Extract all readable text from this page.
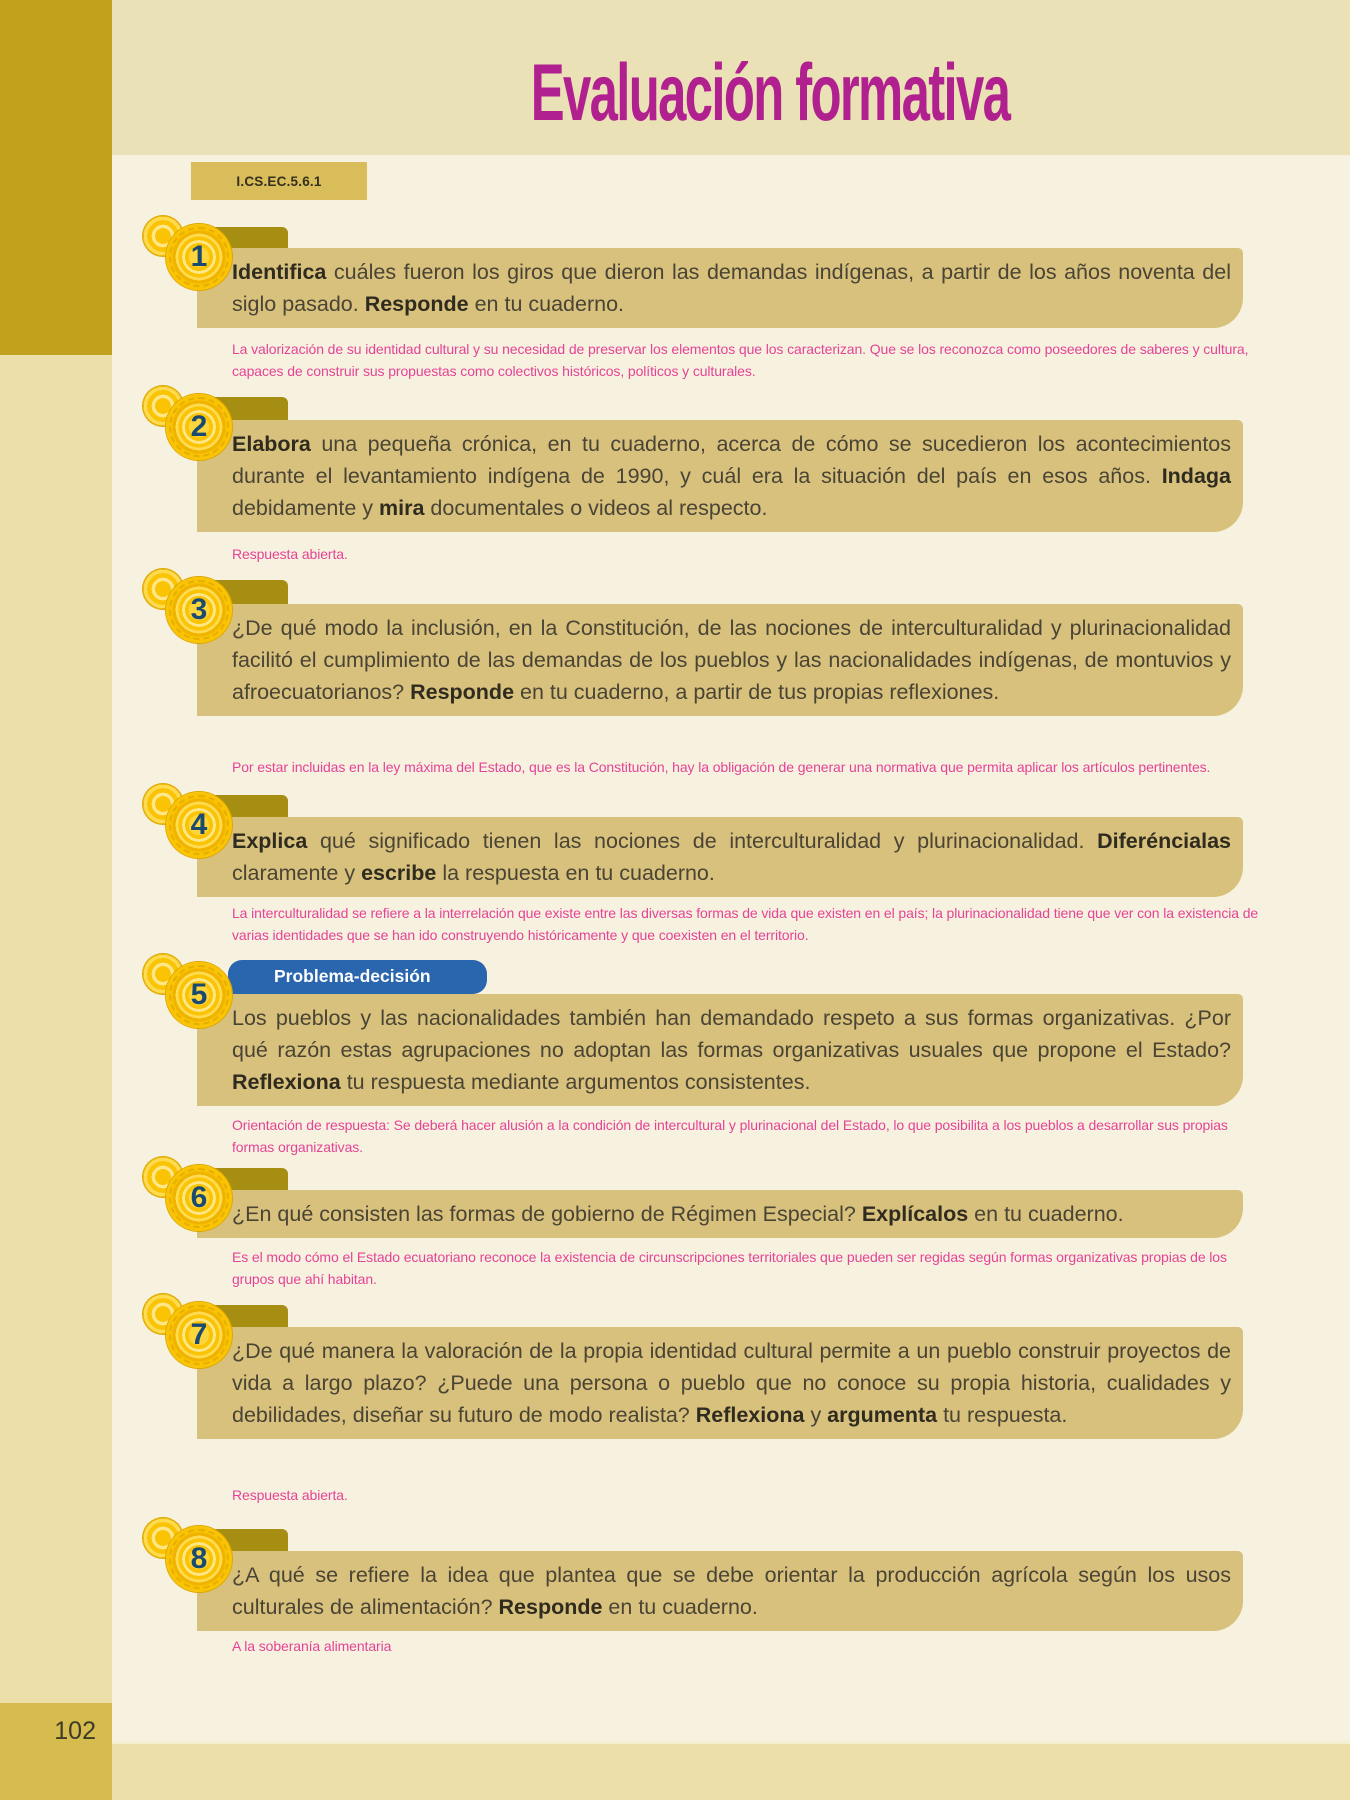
102
Evaluación formativa
I.CS.EC.5.6.1

Identifica cuáles fueron los giros que dieron las demandas indígenas, a partir de los años noventa del siglo pasado. Responde en tu cuaderno.

1
La valorización de su identidad cultural y su necesidad de preservar los elementos que los caracterizan. Que se los reconozca como poseedores de saberes y cultura, capaces de construir sus propuestas como colectivos históricos, políticos y culturales.

Elabora una pequeña crónica, en tu cuaderno, acerca de cómo se sucedieron los acontecimientos durante el levantamiento indígena de 1990, y cuál era la situación del país en esos años. Indaga debidamente y mira documentales o videos al respecto.

2
Respuesta abierta.

¿De qué modo la inclusión, en la Constitución, de las nociones de interculturalidad y plurinacionalidad facilitó el cumplimiento de las demandas de los pueblos y las nacionalidades indígenas, de montuvios y afroecuatorianos? Responde en tu cuaderno, a partir de tus propias reflexiones.

3
Por estar incluidas en la ley máxima del Estado, que es la Constitución, hay la obligación de generar una normativa que permita aplicar los artículos pertinentes.

Explica qué significado tienen las nociones de interculturalidad y plurinacionalidad. Diferéncialas claramente y escribe la respuesta en tu cuaderno.

4
La interculturalidad se refiere a la interrelación que existe entre las diversas formas de vida que existen en el país; la plurinacionalidad tiene que ver con la existencia de varias identidades que se han ido construyendo históricamente y que coexisten en el territorio.
Problema-decisión

Los pueblos y las nacionalidades también han demandado respeto a sus formas organizativas. ¿Por qué razón estas agrupaciones no adoptan las formas organizativas usuales que propone el Estado? Reflexiona tu respuesta mediante argumentos consistentes.

5
Orientación de respuesta: Se deberá hacer alusión a la condición de intercultural y plurinacional del Estado, lo que posibilita a los pueblos a desarrollar sus propias formas organizativas.

¿En qué consisten las formas de gobierno de Régimen Especial? Explícalos en tu cuaderno.

6
Es el modo cómo el Estado ecuatoriano reconoce la existencia de circunscripciones territoriales que pueden ser regidas según formas organizativas propias de los grupos que ahí habitan.

¿De qué manera la valoración de la propia identidad cultural permite a un pueblo construir proyectos de vida a largo plazo? ¿Puede una persona o pueblo que no conoce su propia historia, cualidades y debilidades, diseñar su futuro de modo realista? Reflexiona y argumenta tu respuesta.

7
Respuesta abierta.

¿A qué se refiere la idea que plantea que se debe orientar la producción agrícola según los usos culturales de alimentación? Responde en tu cuaderno.

8
A la soberanía alimentaria
